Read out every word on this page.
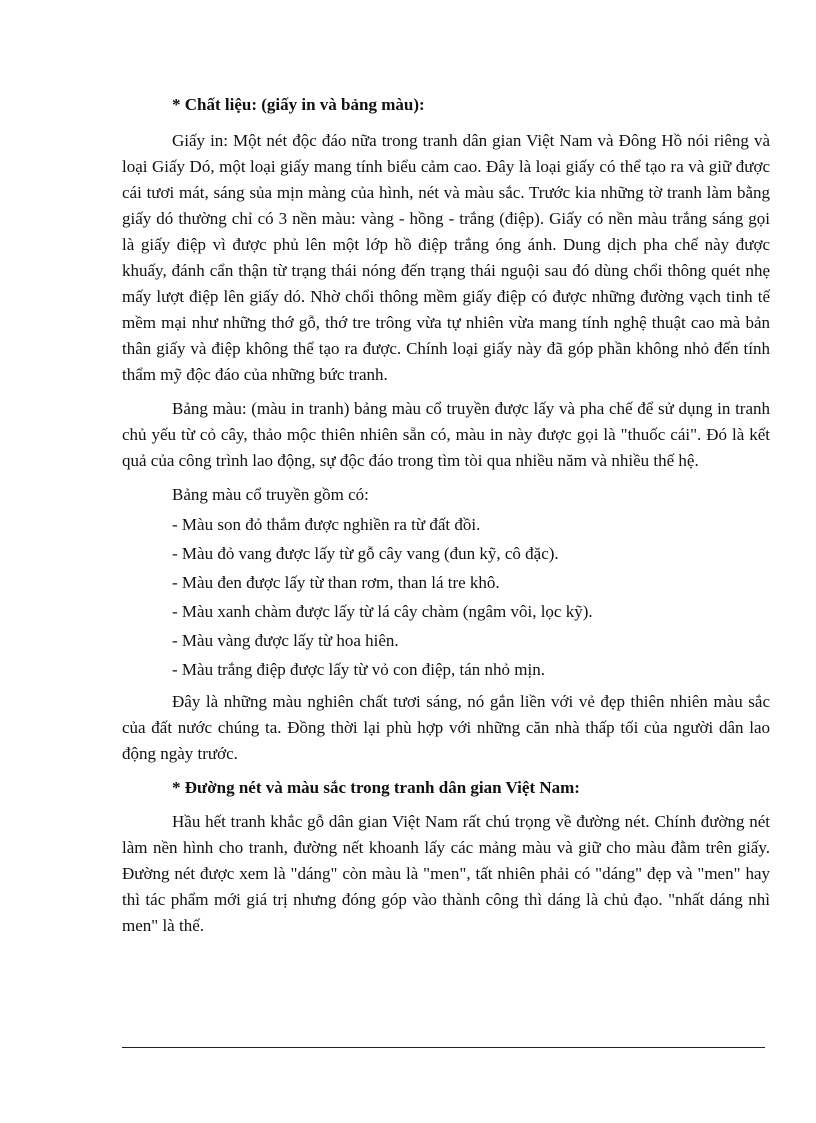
* Chất liệu: (giấy in và bảng màu):

Giấy in: Một nét độc đáo nữa trong tranh dân gian Việt Nam và Đông Hồ nói riêng và loại Giấy Dó, một loại giấy mang tính biểu cảm cao. Đây là loại giấy có thể tạo ra và giữ được cái tươi mát, sáng sủa mịn màng của hình, nét và màu sắc. Trước kia những tờ tranh làm bằng giấy dó thường chỉ có 3 nền màu: vàng - hồng - trắng (điệp). Giấy có nền màu trắng sáng gọi là giấy điệp vì được phủ lên một lớp hồ điệp trắng óng ánh. Dung dịch pha chế này được khuấy, đánh cẩn thận từ trạng thái nóng đến trạng thái nguội sau đó dùng chổi thông quét nhẹ mấy lượt điệp lên giấy dó. Nhờ chổi thông mềm giấy điệp có được những đường vạch tinh tế mềm mại như những thớ gỗ, thớ tre trông vừa tự nhiên vừa mang tính nghệ thuật cao mà bản thân giấy và điệp không thể tạo ra được. Chính loại giấy này đã góp phần không nhỏ đến tính thẩm mỹ độc đáo của những bức tranh.

Bảng màu: (màu in tranh) bảng màu cổ truyền được lấy và pha chế để sử dụng in tranh chủ yếu từ cỏ cây, thảo mộc thiên nhiên sẵn có, màu in này được gọi là "thuốc cái". Đó là kết quả của công trình lao động, sự độc đáo trong tìm tòi qua nhiều năm và nhiều thế hệ.

Bảng màu cổ truyền gồm có:

- Màu son đỏ thắm được nghiền ra từ đất đồi.

- Màu đỏ vang được lấy từ gỗ cây vang (đun kỹ, cô đặc).

- Màu đen được lấy từ than rơm, than lá tre khô.

- Màu xanh chàm được lấy từ lá cây chàm (ngâm vôi, lọc kỹ).

- Màu vàng được lấy từ hoa hiên.

- Màu trắng điệp được lấy từ vỏ con điệp, tán nhỏ mịn.

Đây là những màu nghiên chất tươi sáng, nó gắn liền với vẻ đẹp thiên nhiên màu sắc của đất nước chúng ta. Đồng thời lại phù hợp với những căn nhà thấp tối của người dân lao động ngày trước.

* Đường nét và màu sắc trong tranh dân gian Việt Nam:

Hầu hết tranh khắc gỗ dân gian Việt Nam rất chú trọng về đường nét. Chính đường nét làm nền hình cho tranh, đường nết khoanh lấy các mảng màu và giữ cho màu đằm trên giấy. Đường nét được xem là "dáng" còn màu là "men", tất nhiên phải có "dáng" đẹp và "men" hay thì tác phẩm mới giá trị nhưng đóng góp vào thành công thì dáng là chủ đạo. "nhất dáng nhì men" là thế.
